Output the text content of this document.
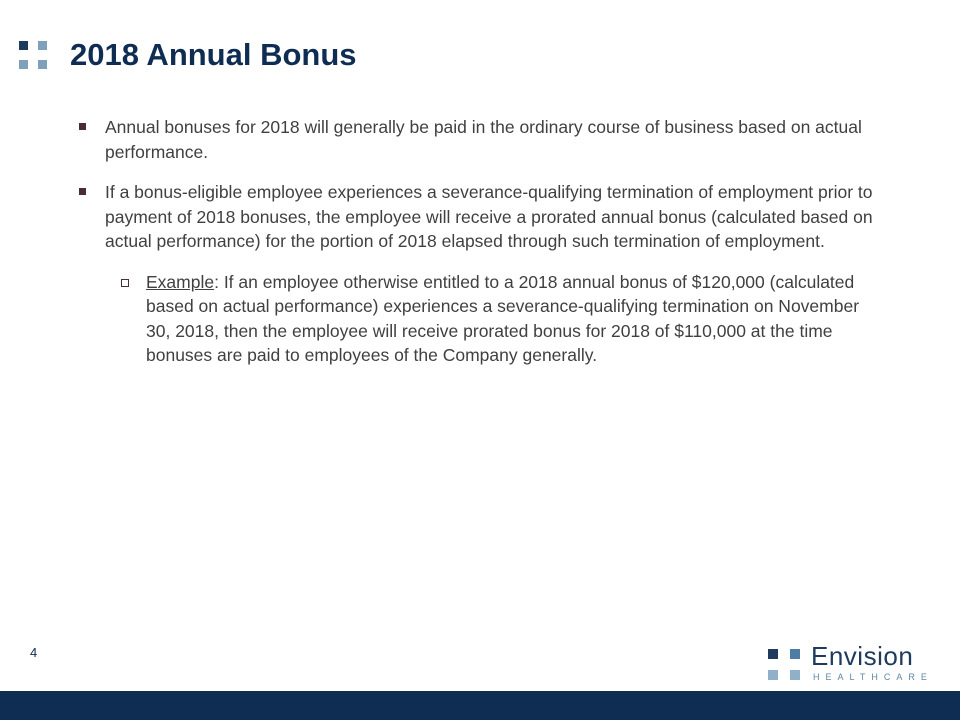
2018 Annual Bonus

Annual bonuses for 2018 will generally be paid in the ordinary course of business based on actual performance.

If a bonus-eligible employee experiences a severance-qualifying termination of employment prior to payment of 2018 bonuses, the employee will receive a prorated annual bonus (calculated based on actual performance) for the portion of 2018 elapsed through such termination of employment.

Example: If an employee otherwise entitled to a 2018 annual bonus of $120,000 (calculated based on actual performance) experiences a severance-qualifying termination on November 30, 2018, then the employee will receive prorated bonus for 2018 of $110,000 at the time bonuses are paid to employees of the Company generally.

4	Envision
HEALTHCARE
